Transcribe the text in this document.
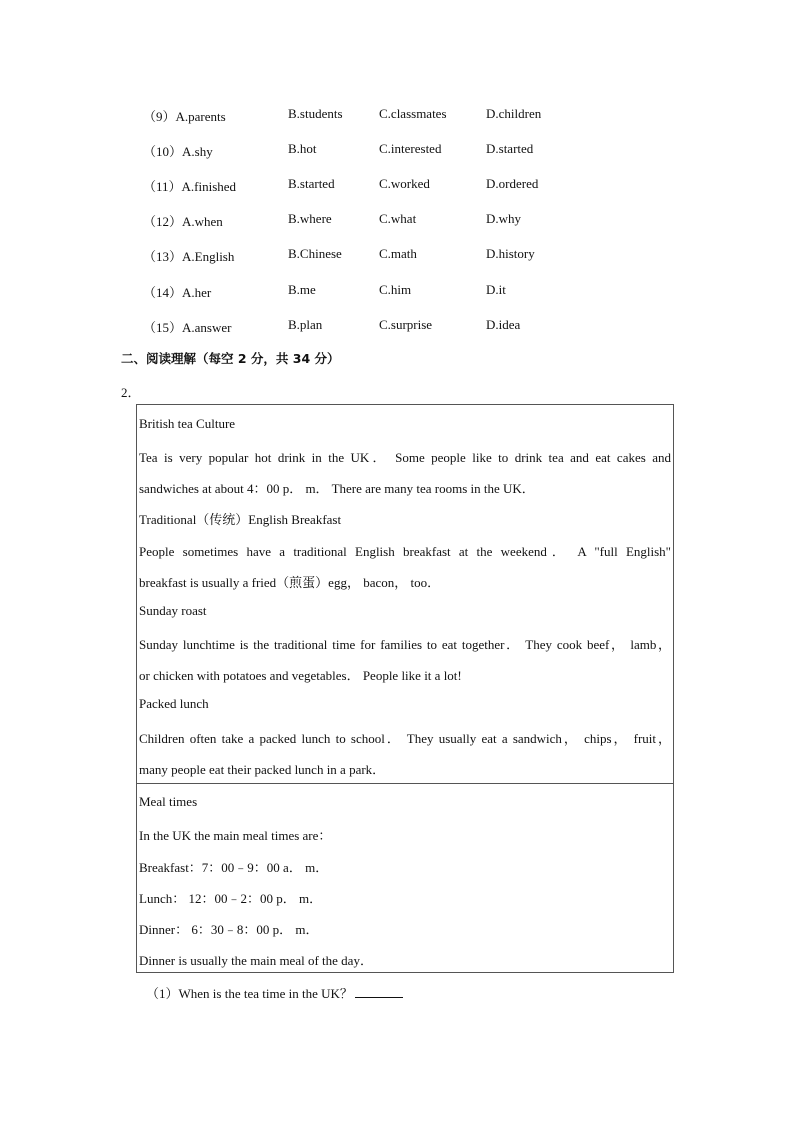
（9）A.parents	B.students	C.classmates	D.children
（10）A.shy	B.hot	C.interested	D.started
（11）A.finished	B.started	C.worked	D.ordered
（12）A.when	B.where	C.what	D.why
（13）A.English	B.Chinese	C.math	D.history
（14）A.her	B.me	C.him	D.it
（15）A.answer	B.plan	C.surprise	D.idea
二、阅读理解（每空 2 分，共 34 分）
2．
British tea Culture
Tea is very popular hot drink in the UK． Some people like to drink tea and eat cakes and
sandwiches at about 4：00 p． m． There are many tea rooms in the UK．
Traditional（传统）English Breakfast
People sometimes have a traditional English breakfast at the weekend． A "full English"
breakfast is usually a fried（煎蛋）egg， bacon， too．
Sunday roast
Sunday lunchtime is the traditional time for families to eat together． They cook beef， lamb，
or chicken with potatoes and vegetables． People like it a lot!
Packed lunch
Children often take a packed lunch to school． They usually eat a sandwich， chips， fruit，
many people eat their packed lunch in a park．
Meal times
In the UK the main meal times are：
Breakfast：7：00﹣9：00 a． m．
Lunch： 12：00﹣2：00 p． m．
Dinner： 6：30﹣8：00 p． m．
Dinner is usually the main meal of the day．
（1）When is the tea time in the UK？
